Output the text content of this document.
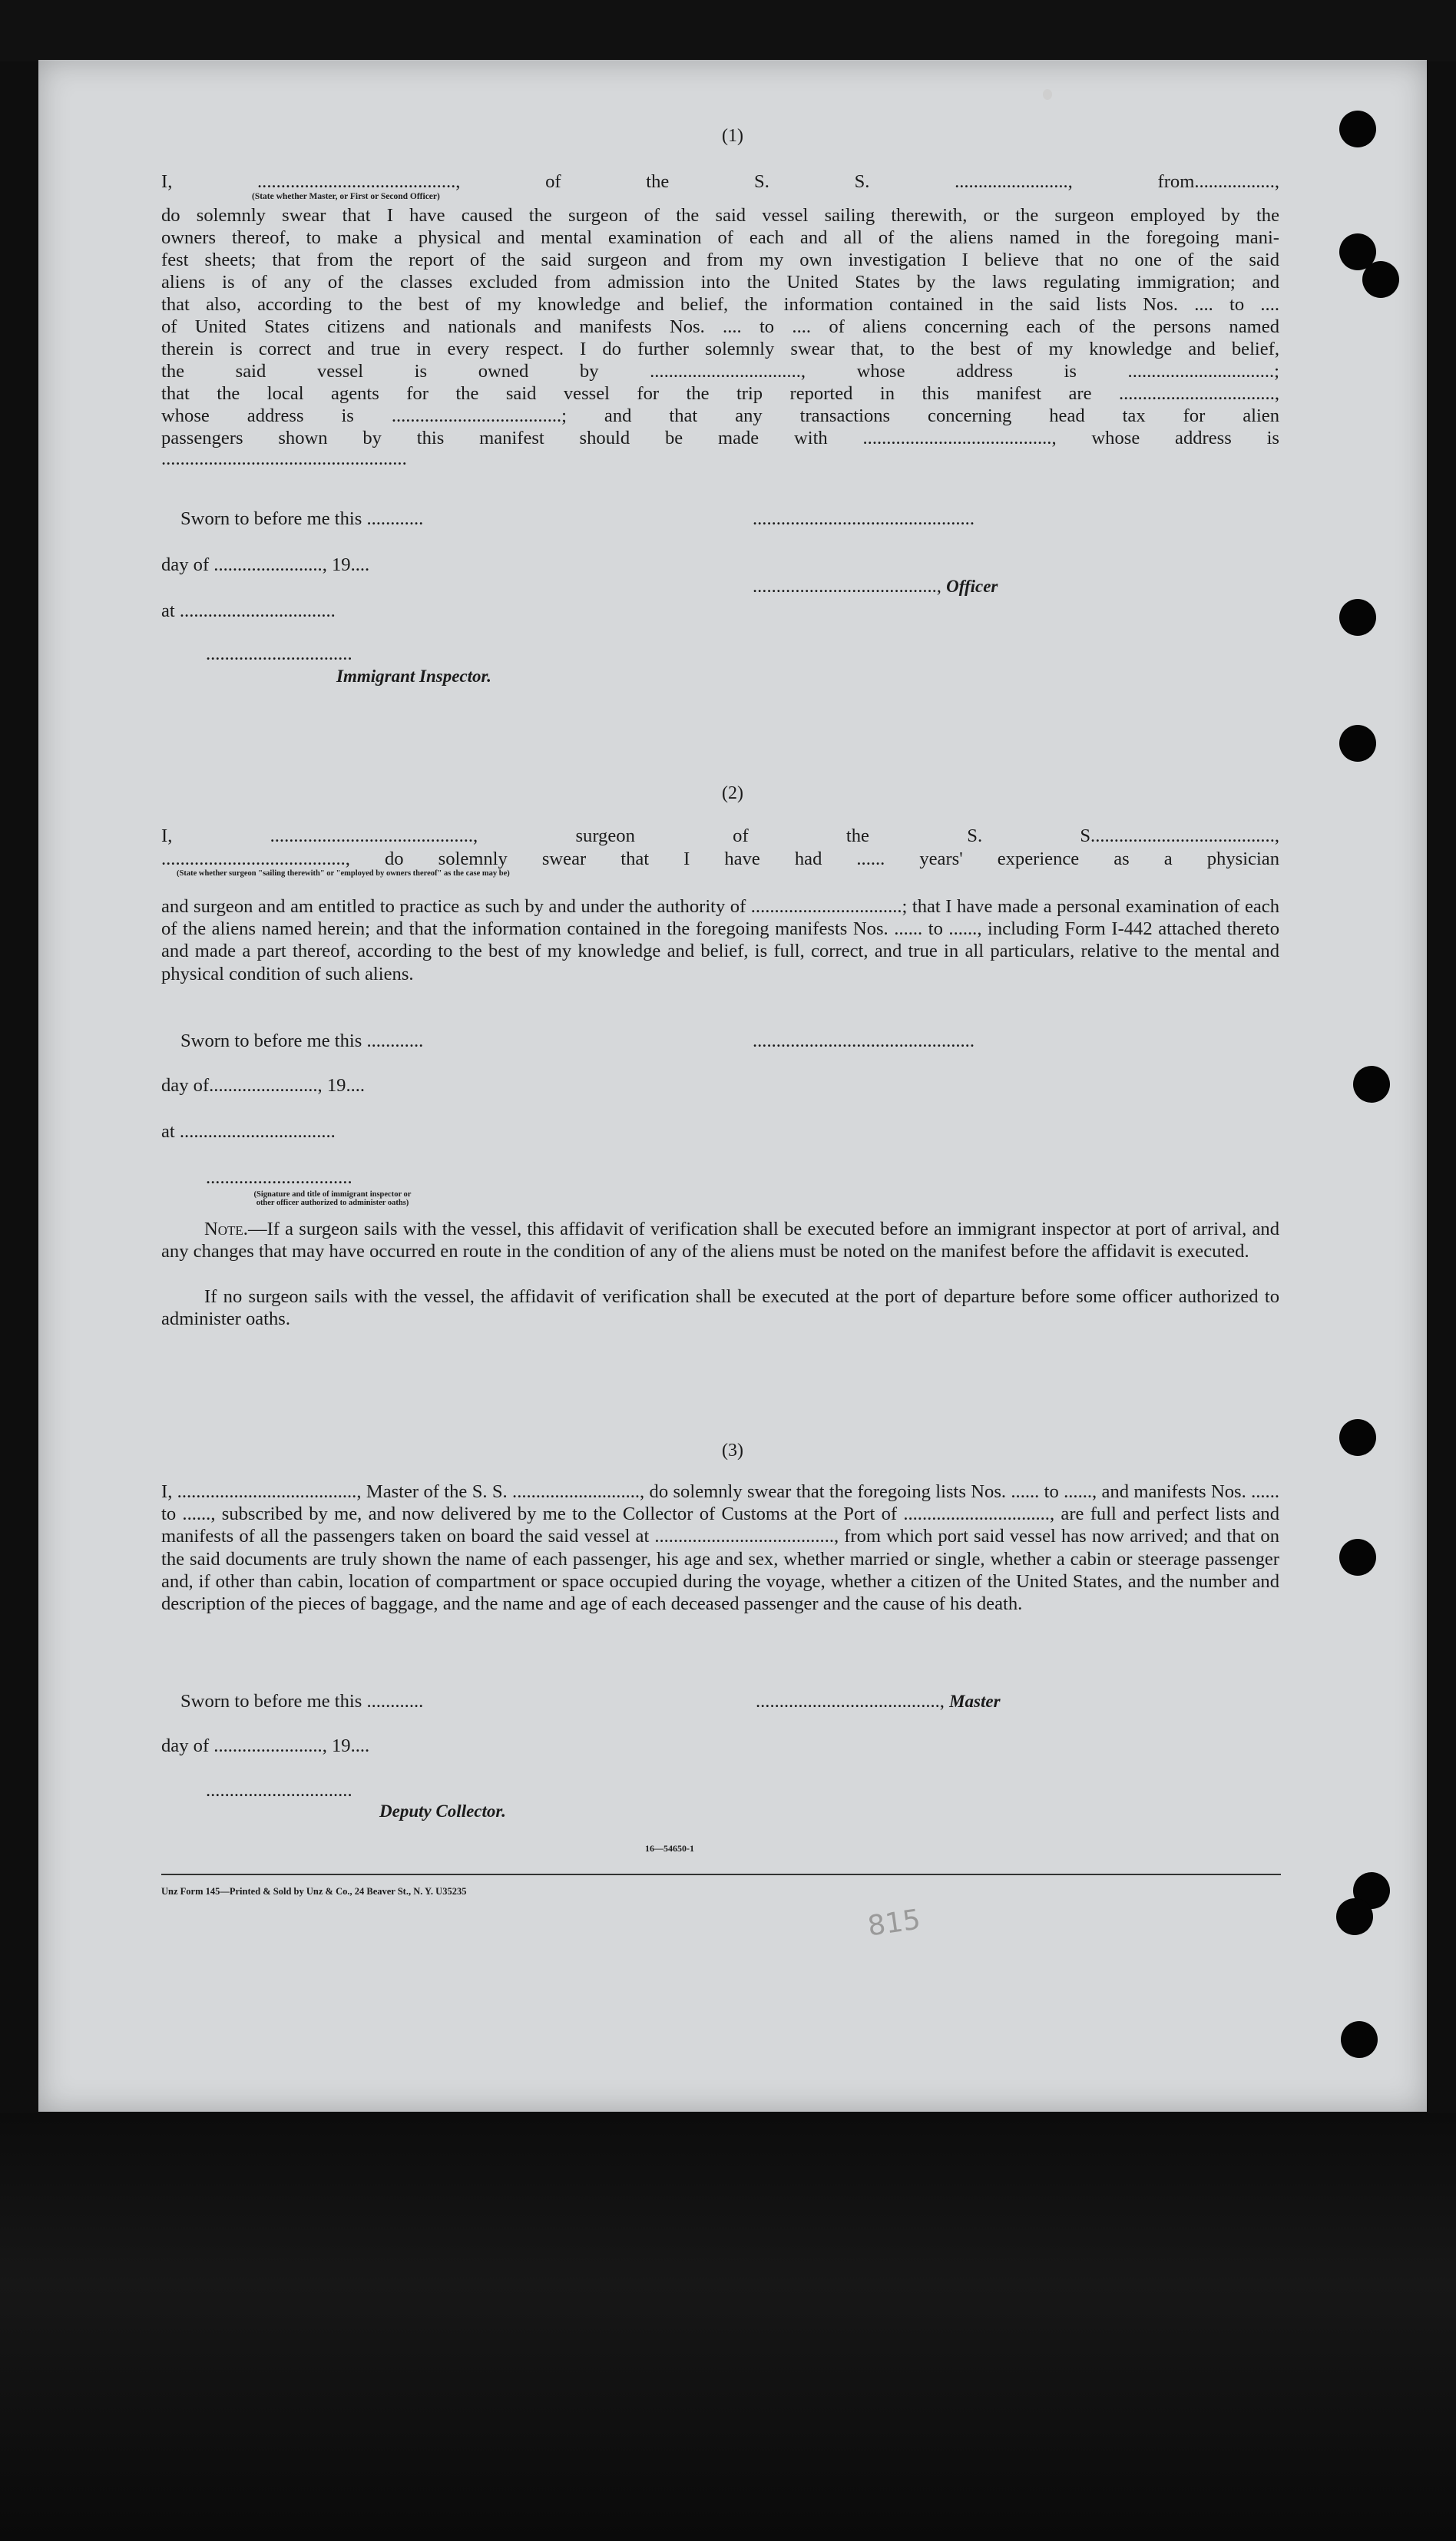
(1)
I, .........................................., of the S. S. ........................, from.................,
(State whether Master, or First or Second Officer)
do solemnly swear that I have caused the surgeon of the said vessel sailing therewith, or the surgeon employed by the
owners thereof, to make a physical and mental examination of each and all of the aliens named in the foregoing mani-
fest sheets; that from the report of the said surgeon and from my own investigation I believe that no one of the said
aliens is of any of the classes excluded from admission into the United States by the laws regulating immigration; and
that also, according to the best of my knowledge and belief, the information contained in the said lists Nos. .... to ....
of United States citizens and nationals and manifests Nos. .... to .... of aliens concerning each of the persons named
therein is correct and true in every respect. I do further solemnly swear that, to the best of my knowledge and belief,
the said vessel is owned by ................................, whose address is ...............................;
that the local agents for the said vessel for the trip reported in this manifest are .................................,
whose address is ....................................; and that any transactions concerning head tax for alien
passengers shown by this manifest should be made with ........................................, whose address is
....................................................
Sworn to before me this ............	...............................................
day of ......................., 19....
......................................., Officer
at .................................
...............................
Immigrant Inspector.
(2)
I, ..........................................., surgeon of the S. S.......................................,
......................................., do solemnly swear that I have had ...... years' experience as a physician
(State whether surgeon "sailing therewith" or "employed by owners thereof" as the case may be)
and surgeon and am entitled to practice as such by and under the authority of ................................; that I have made a personal examination of each of the aliens named herein; and that the information contained in the foregoing manifests Nos. ...... to ......, including Form I-442 attached thereto and made a part thereof, according to the best of my knowledge and belief, is full, correct, and true in all particulars, relative to the mental and physical condition of such aliens.
Sworn to before me this ............	...............................................
day of......................., 19....
at .................................
...............................
(Signature and title of immigrant inspector or
other officer authorized to administer oaths)
Note.—If a surgeon sails with the vessel, this affidavit of verification shall be executed before an immigrant inspector at port of arrival, and any changes that may have occurred en route in the condition of any of the aliens must be noted on the manifest before the affidavit is executed.
If no surgeon sails with the vessel, the affidavit of verification shall be executed at the port of departure before some officer authorized to administer oaths.
(3)
I, ......................................, Master of the S. S. ..........................., do solemnly swear that the foregoing lists Nos. ...... to ......, and manifests Nos. ...... to ......, subscribed by me, and now delivered by me to the Collector of Customs at the Port of ..............................., are full and perfect lists and manifests of all the passengers taken on board the said vessel at ......................................, from which port said vessel has now arrived; and that on the said documents are truly shown the name of each passenger, his age and sex, whether married or single, whether a cabin or steerage passenger and, if other than cabin, location of compartment or space occupied during the voyage, whether a citizen of the United States, and the number and description of the pieces of baggage, and the name and age of each deceased passenger and the cause of his death.
Sworn to before me this ............	......................................., Master
day of ......................., 19....
...............................
Deputy Collector.
16—54650-1
Unz Form 145—Printed & Sold by Unz & Co., 24 Beaver St., N. Y. U35235
815
